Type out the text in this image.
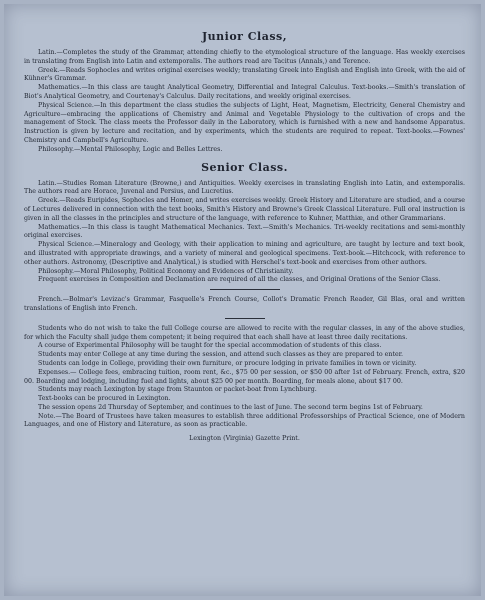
Junior Class,

Latin.—Completes the study of the Grammar, attending chiefly to the etymological structure of the language. Has weekly exercises in translating from English into Latin and extemporalis. The authors read are Tacitus (Annals,) and Terence.

Greek.—Reads Sophocles and writes original exercises weekly; translating Greek into English and English into Greek, with the aid of Kühner's Grammar.

Mathematics.—In this class are taught Analytical Geometry, Differential and Integral Calculus. Text-books.—Smith's translation of Biot's Analytical Geometry, and Courtenay's Calculus. Daily recitations, and weekly original exercises.

Physical Science.—In this department the class studies the subjects of Light, Heat, Magnetism, Electricity, General Chemistry and Agriculture—embracing the applications of Chemistry and Animal and Vegetable Physiology to the cultivation of crops and the management of Stock. The class meets the Professor daily in the Laboratory, which is furnished with a new and handsome Apparatus. Instruction is given by lecture and recitation, and by experiments, which the students are required to repeat. Text-books.—Fownes' Chemistry and Campbell's Agriculture.

Philosophy.—Mental Philosophy, Logic and Belles Lettres.

Senior Class.

Latin.—Studies Roman Literature (Browne,) and Antiquities. Weekly exercises in translating English into Latin, and extemporalis. The authors read are Horace, Juvenal and Persius, and Lucretius.

Greek.—Reads Euripides, Sophocles and Homer, and writes exercises weekly. Greek History and Literature are studied, and a course of Lectures delivered in connection with the text books, Smith's History and Browne's Greek Classical Literature. Full oral instruction is given in all the classes in the principles and structure of the language, with reference to Kuhner, Matthiæ, and other Grammarians.

Mathematics.—In this class is taught Mathematical Mechanics. Text.—Smith's Mechanics. Tri-weekly recitations and semi-monthly original exercises.

Physical Science.—Mineralogy and Geology, with their application to mining and agriculture, are taught by lecture and text book, and illustrated with appropriate drawings, and a variety of mineral and geological specimens. Text-book.—Hitchcock, with reference to other authors. Astronomy, (Descriptive and Analytical,) is studied with Herschel's text-book and exercises from other authors.

Philosophy.—Moral Philosophy, Political Economy and Evidences of Christianity.

Frequent exercises in Composition and Declamation are required of all the classes, and Original Orations of the Senior Class.

French.—Bolmar's Levizac's Grammar, Fasquelle's French Course, Collot's Dramatic French Reader, Gil Blas, oral and written translations of English into French.

Students who do not wish to take the full College course are allowed to recite with the regular classes, in any of the above studies, for which the Faculty shall judge them competent; it being required that each shall have at least three daily recitations.

A course of Experimental Philosophy will be taught for the special accommodation of students of this class.

Students may enter College at any time during the session, and attend such classes as they are prepared to enter.

Students can lodge in College, providing their own furniture, or procure lodging in private families in town or vicinity.

Expenses.— College fees, embracing tuition, room rent, &c., $75 00 per session, or $50 00 after 1st of February. French, extra, $20 00. Boarding and lodging, including fuel and lights, about $25 00 per month. Boarding, for meals alone, about $17 00.

Students may reach Lexington by stage from Staunton or packet-boat from Lynchburg.

Text-books can be procured in Lexington.

The session opens 2d Thursday of September, and continues to the last of June. The second term begins 1st of February.

Note.—The Board of Trustees have taken measures to establish three additional Professorships of Practical Science, one of Modern Languages, and one of History and Literature, as soon as practicable.

Lexington (Virginia) Gazette Print.
